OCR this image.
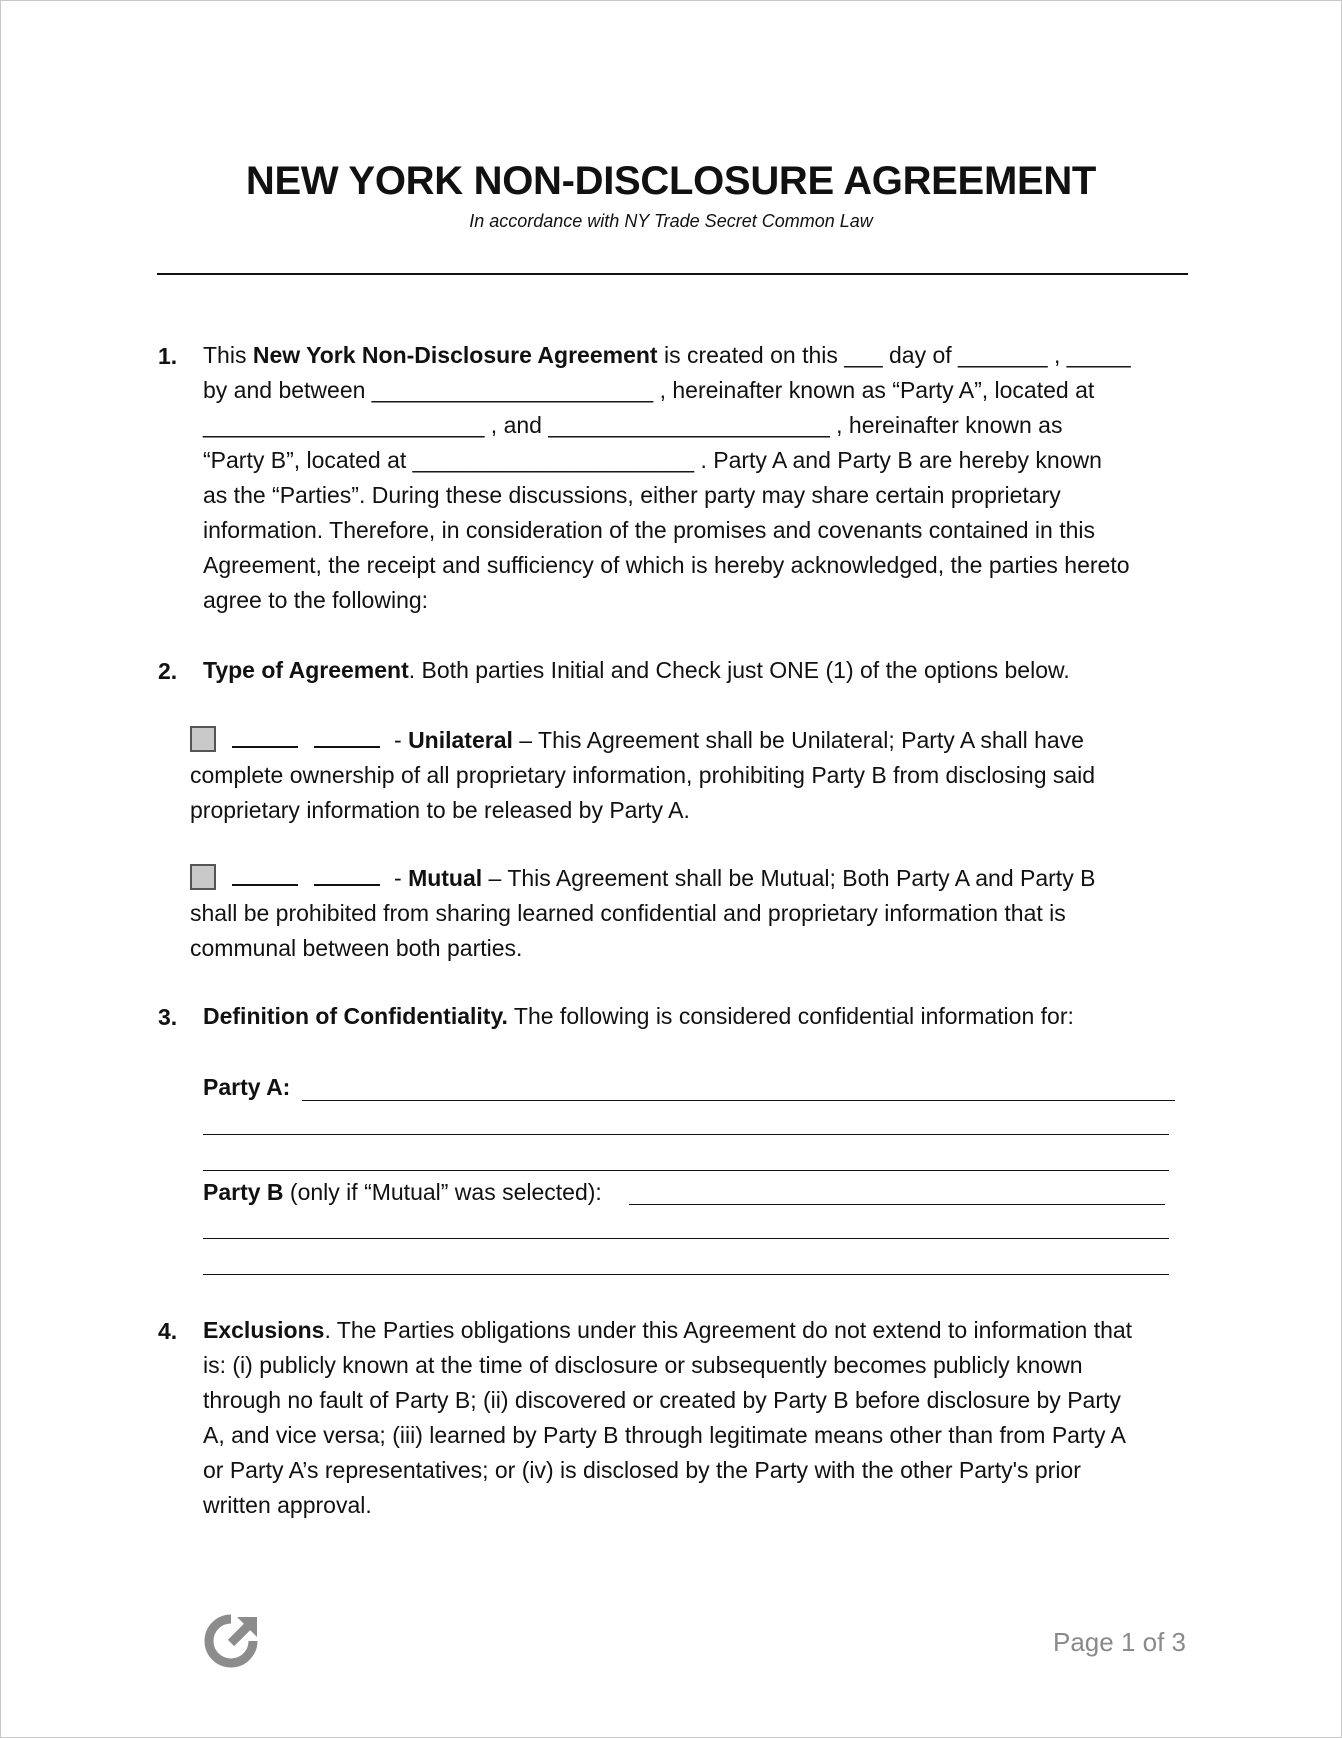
NEW YORK NON-DISCLOSURE AGREEMENT
In accordance with NY Trade Secret Common Law
1. This New York Non-Disclosure Agreement is created on this ___ day of _______ , _____
by and between ______________________ , hereinafter known as “Party A”, located at
______________________ , and ______________________ , hereinafter known as
“Party B”, located at ______________________ . Party A and Party B are hereby known
as the “Parties”. During these discussions, either party may share certain proprietary
information. Therefore, in consideration of the promises and covenants contained in this
Agreement, the receipt and sufficiency of which is hereby acknowledged, the parties hereto
agree to the following:
2. Type of Agreement. Both parties Initial and Check just ONE (1) of the options below.
- Unilateral – This Agreement shall be Unilateral; Party A shall have
complete ownership of all proprietary information, prohibiting Party B from disclosing said
proprietary information to be released by Party A.
- Mutual – This Agreement shall be Mutual; Both Party A and Party B
shall be prohibited from sharing learned confidential and proprietary information that is
communal between both parties.
3. Definition of Confidentiality. The following is considered confidential information for:
Party A:
Party B (only if “Mutual” was selected):
4. Exclusions. The Parties obligations under this Agreement do not extend to information that
is: (i) publicly known at the time of disclosure or subsequently becomes publicly known
through no fault of Party B; (ii) discovered or created by Party B before disclosure by Party
A, and vice versa; (iii) learned by Party B through legitimate means other than from Party A
or Party A’s representatives; or (iv) is disclosed by the Party with the other Party's prior
written approval.
Page 1 of 3
